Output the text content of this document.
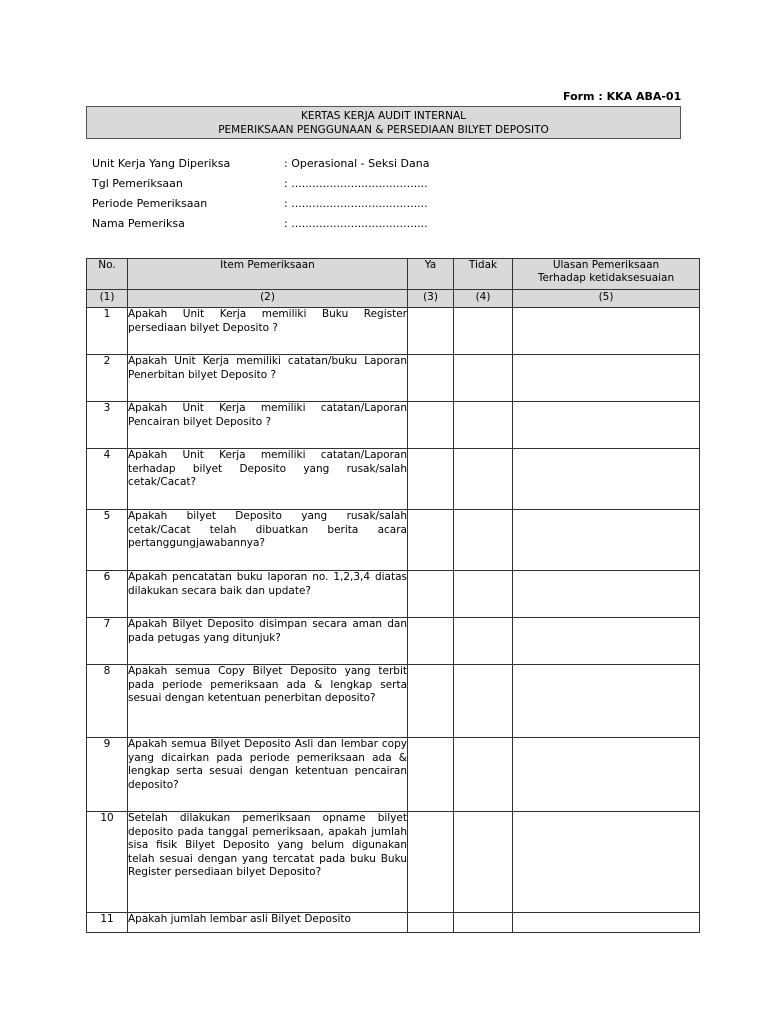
Form : KKA ABA-01
KERTAS KERJA AUDIT INTERNAL
PEMERIKSAAN PENGGUNAAN & PERSEDIAAN BILYET DEPOSITO
Unit Kerja Yang Diperiksa	: Operasional - Seksi Dana
Tgl Pemeriksaan	: .......................................
Periode Pemeriksaan	: .......................................
Nama Pemeriksa	: .......................................
No.	Item Pemeriksaan	Ya	Tidak	Ulasan Pemeriksaan
Terhadap ketidaksesuaian

(1)	(2)	(3)	(4)	(5)
1	Apakah Unit Kerja memiliki Buku Register persediaan bilyet Deposito ?			

2	Apakah Unit Kerja memiliki catatan/buku Laporan Penerbitan bilyet Deposito ?			

3	Apakah Unit Kerja memiliki catatan/Laporan Pencairan bilyet Deposito ?			

4	Apakah Unit Kerja memiliki catatan/Laporan terhadap bilyet Deposito yang rusak/salah cetak/Cacat?			

5	Apakah bilyet Deposito yang rusak/salah cetak/Cacat telah dibuatkan berita acara pertanggungjawabannya?			

6	Apakah pencatatan buku laporan no. 1,2,3,4 diatas dilakukan secara baik dan update?			

7	Apakah Bilyet Deposito disimpan secara aman dan pada petugas yang ditunjuk?			

8	Apakah semua Copy Bilyet Deposito yang terbit pada periode pemeriksaan ada & lengkap serta sesuai dengan ketentuan penerbitan deposito?			

9	Apakah semua Bilyet Deposito Asli dan lembar copy yang dicairkan pada periode pemeriksaan ada & lengkap serta sesuai dengan ketentuan pencairan deposito?			

10	Setelah dilakukan pemeriksaan opname bilyet deposito pada tanggal pemeriksaan, apakah jumlah sisa fisik Bilyet Deposito yang belum digunakan telah sesuai dengan yang tercatat pada buku Buku Register persediaan bilyet Deposito?			

11	Apakah jumlah lembar asli Bilyet Deposito			
